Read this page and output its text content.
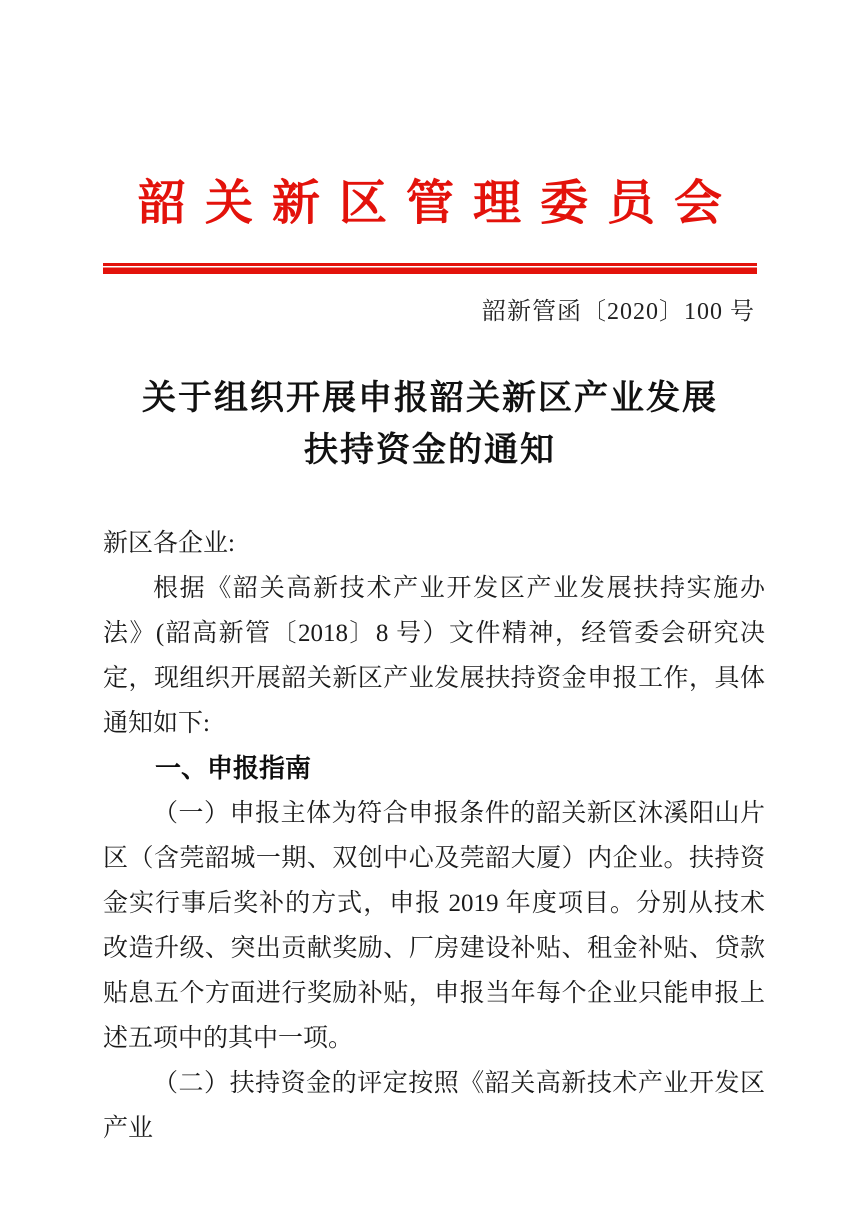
韶关新区管理委员会
韶新管函〔2020〕100 号
关于组织开展申报韶关新区产业发展
扶持资金的通知

新区各企业:

根据《韶关高新技术产业开发区产业发展扶持实施办法》(韶高新管〔2018〕8 号）文件精神，经管委会研究决定，现组织开展韶关新区产业发展扶持资金申报工作，具体通知如下:

一、申报指南

（一）申报主体为符合申报条件的韶关新区沐溪阳山片区（含莞韶城一期、双创中心及莞韶大厦）内企业。扶持资金实行事后奖补的方式，申报 2019 年度项目。分别从技术改造升级、突出贡献奖励、厂房建设补贴、租金补贴、贷款贴息五个方面进行奖励补贴，申报当年每个企业只能申报上述五项中的其中一项。

（二）扶持资金的评定按照《韶关高新技术产业开发区产业
